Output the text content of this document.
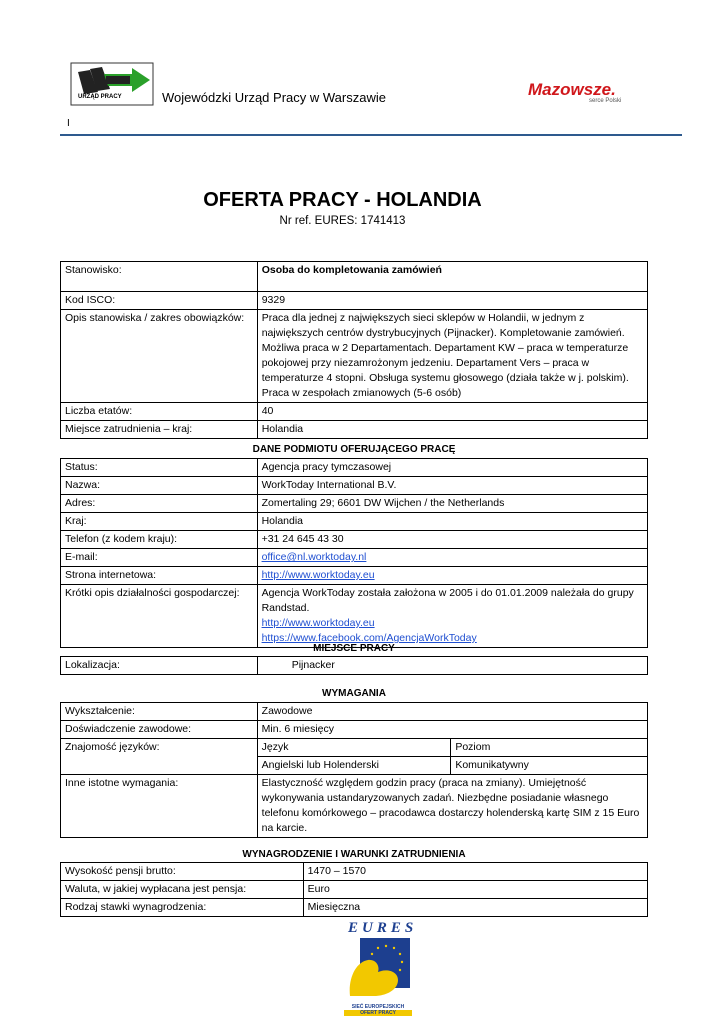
URZĄD PRACY	Wojewódzki Urząd Pracy w Warszawie	Mazowsze.
serce Polski
I
OFERTA PRACY - HOLANDIA
Nr ref. EURES: 1741413
Stanowisko:	Osoba do kompletowania zamówień
Kod ISCO:	9329
Opis stanowiska / zakres obowiązków:	Praca dla jednej z największych sieci sklepów w Holandii, w jednym z największych centrów dystrybucyjnych (Pijnacker). Kompletowanie zamówień. Możliwa praca w 2 Departamentach. Departament KW – praca w temperaturze pokojowej przy niezamrożonym jedzeniu. Departament Vers – praca w temperaturze 4 stopni. Obsługa systemu głosowego (działa także w j. polskim). Praca w zespołach zmianowych (5-6 osób)
Liczba etatów:	40
Miejsce zatrudnienia – kraj:	Holandia
DANE PODMIOTU OFERUJĄCEGO PRACĘ
Status:	Agencja pracy tymczasowej
Nazwa:	WorkToday International B.V.
Adres:	Zomertaling 29; 6601 DW Wijchen / the Netherlands
Kraj:	Holandia
Telefon (z kodem kraju):	+31 24 645 43 30
E-mail:	office@nl.worktoday.nl
Strona internetowa:	http://www.worktoday.eu
Krótki opis działalności gospodarczej:	Agencja WorkToday została założona w 2005 i do 01.01.2009 należała do grupy Randstad.
http://www.worktoday.eu
https://www.facebook.com/AgencjaWorkToday
MIEJSCE PRACY
Lokalizacja:	Pijnacker
WYMAGANIA
Wykształcenie:	Zawodowe	
Doświadczenie zawodowe:	Min. 6 miesięcy	
Znajomość języków:	Język	Poziom
	Angielski lub Holenderski	Komunikatywny
Inne istotne wymagania:	Elastyczność względem godzin pracy (praca na zmiany). Umiejętność wykonywania ustandaryzowanych zadań. Niezbędne posiadanie własnego telefonu komórkowego – pracodawca dostarczy holenderską kartę SIM z 15 Euro na karcie.	
WYNAGRODZENIE I WARUNKI ZATRUDNIENIA
Wysokość pensji brutto:	1470 – 1570
Waluta, w jakiej wypłacana jest pensja:	Euro
Rodzaj stawki wynagrodzenia:	Miesięczna
EURES
SIEĆ EUROPEJSKICH
OFERT PRACY
